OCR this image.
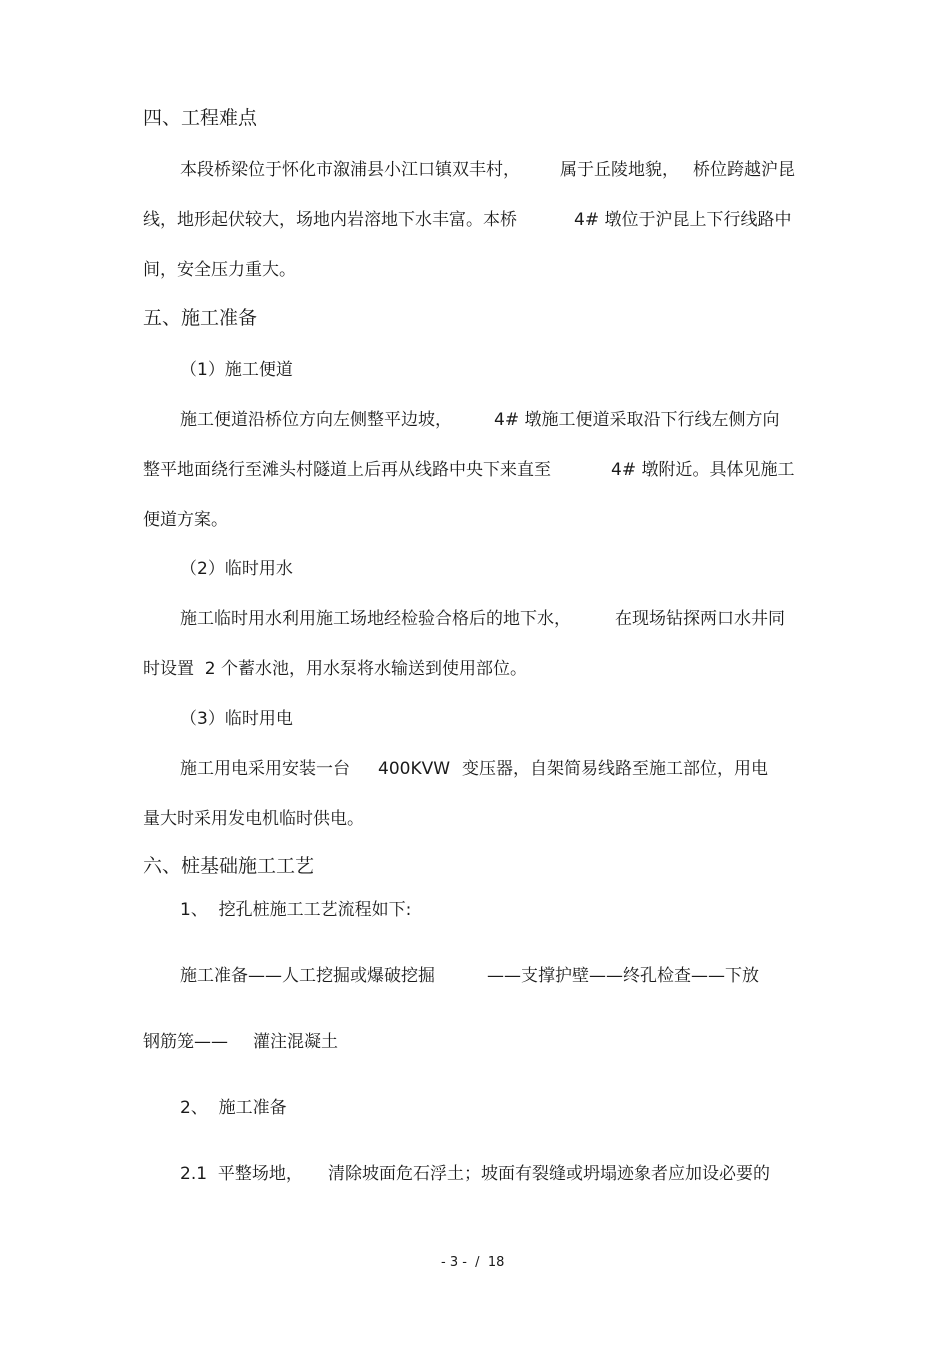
四、工程难点
本段桥梁位于怀化市溆浦县小江口镇双丰村， 属于丘陵地貌， 桥位跨越沪昆
线，地形起伏较大，场地内岩溶地下水丰富。本桥	4# 墩位于沪昆上下行线路中
间，安全压力重大。
五、施工准备
（1）施工便道
施工便道沿桥位方向左侧整平边坡， 4# 墩施工便道采取沿下行线左侧方向
整平地面绕行至滩头村隧道上后再从线路中央下来直至	4# 墩附近。具体见施工
便道方案。
（2）临时用水
施工临时用水利用施工场地经检验合格后的地下水，	在现场钻探两口水井同
时设置  2 个蓄水池，用水泵将水输送到使用部位。
（3）临时用电
施工用电采用安装一台 400KVW 变压器，自架简易线路至施工部位，用电
量大时采用发电机临时供电。
六、桩基础施工工艺
1、  挖孔桩施工工艺流程如下:
施工准备——人工挖掘或爆破挖掘	——支撑护壁——终孔检查——下放
钢筋笼—— 灌注混凝土
2、  施工准备
2.1  平整场地， 清除坡面危石浮土； 坡面有裂缝或坍塌迹象者应加设必要的
- 3 -  /  18
